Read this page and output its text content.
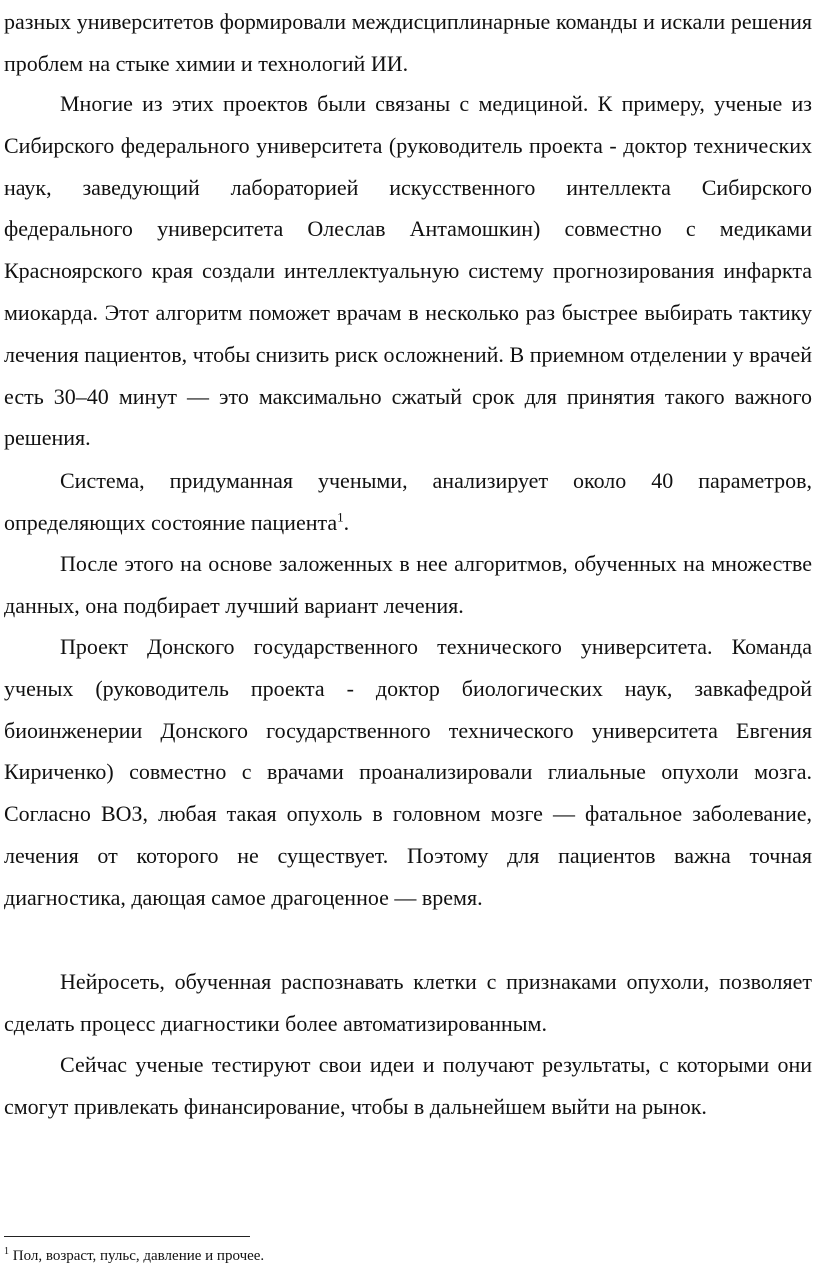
разных университетов формировали междисциплинарные команды и искали решения проблем на стыке химии и технологий ИИ.

Многие из этих проектов были связаны с медициной. К примеру, ученые из Сибирского федерального университета (руководитель проекта - доктор технических наук, заведующий лабораторией искусственного интеллекта Сибирского федерального университета Олеслав Антамошкин) совместно с медиками Красноярского края создали интеллектуальную систему прогнозирования инфаркта миокарда. Этот алгоритм поможет врачам в несколько раз быстрее выбирать тактику лечения пациентов, чтобы снизить риск осложнений. В приемном отделении у врачей есть 30–40 минут — это максимально сжатый срок для принятия такого важного решения.

Система, придуманная учеными, анализирует около 40 параметров, определяющих состояние пациента$^1$.

После этого на основе заложенных в нее алгоритмов, обученных на множестве данных, она подбирает лучший вариант лечения.

Проект Донского государственного технического университета. Команда ученых (руководитель проекта - доктор биологических наук, завкафедрой биоинженерии Донского государственного технического университета Евгения Кириченко) совместно с врачами проанализировали глиальные опухоли мозга. Согласно ВОЗ, любая такая опухоль в головном мозге — фатальное заболевание, лечения от которого не существует. Поэтому для пациентов важна точная диагностика, дающая самое драгоценное — время.

Нейросеть, обученная распознавать клетки с признаками опухоли, позволяет сделать процесс диагностики более автоматизированным.

Сейчас ученые тестируют свои идеи и получают результаты, с которыми они смогут привлекать финансирование, чтобы в дальнейшем выйти на рынок.

$^1$ Пол, возраст, пульс, давление и прочее.
